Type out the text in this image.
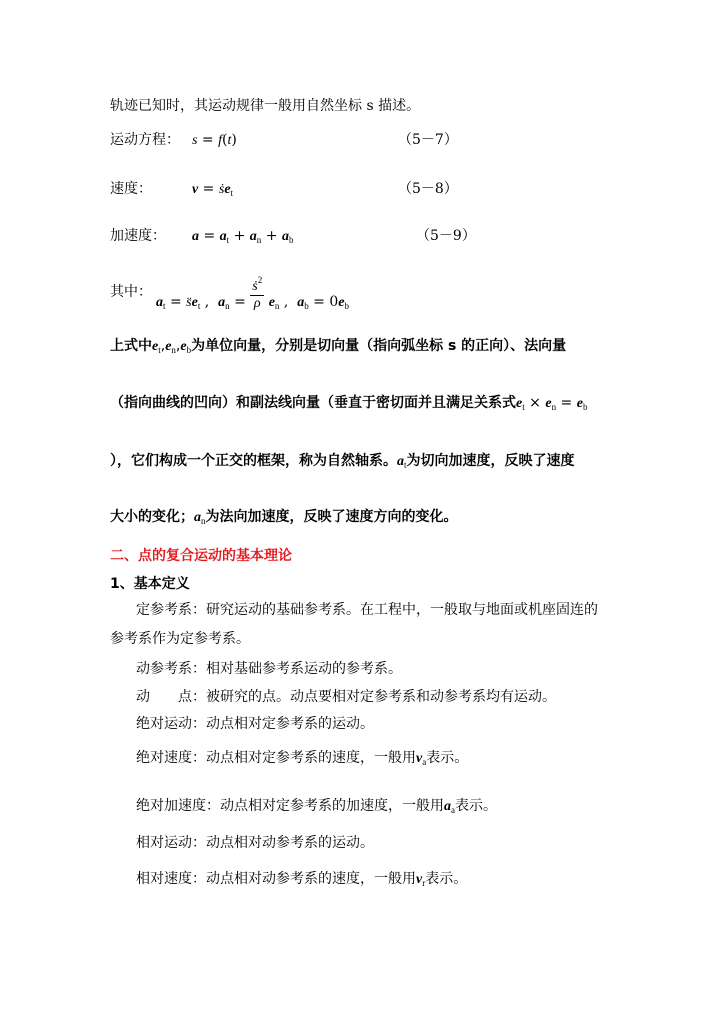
轨迹已知时，其运动规律一般用自然坐标 s 描述。
运动方程： s = f(t)	（5－7）
速度：	v = ṡe$_t$	（5－8）
加速度： $a = a_t + a_n + a_b$	（5－9）
其中：
$a_t$ = $s̈e_t$ ,  $a_n = \frac{ṡ^2}{\rho} e_n$ ,  $a_b = 0e_b$
上式中$e_t,e_n,e_b$为单位向量，分别是切向量（指向弧坐标 s 的正向）、法向量
（指向曲线的凹向）和副法线向量（垂直于密切面并且满足关系式$e_t \times e_n = e_b$
），它们构成一个正交的框架，称为自然轴系。$a_t$为切向加速度，反映了速度
大小的变化；$a_n$为法向加速度，反映了速度方向的变化。
二、点的复合运动的基本理论
1、基本定义
定参考系：研究运动的基础参考系。在工程中，一般取与地面或机座固连的
参考系作为定参考系。
动参考系：相对基础参考系运动的参考系。
动　　点：被研究的点。动点要相对定参考系和动参考系均有运动。
绝对运动：动点相对定参考系的运动。
绝对速度：动点相对定参考系的速度，一般用$v_a$表示。
绝对加速度：动点相对定参考系的加速度，一般用$a_a$表示。
相对运动：动点相对动参考系的运动。
相对速度：动点相对动参考系的速度，一般用$v_r$表示。
